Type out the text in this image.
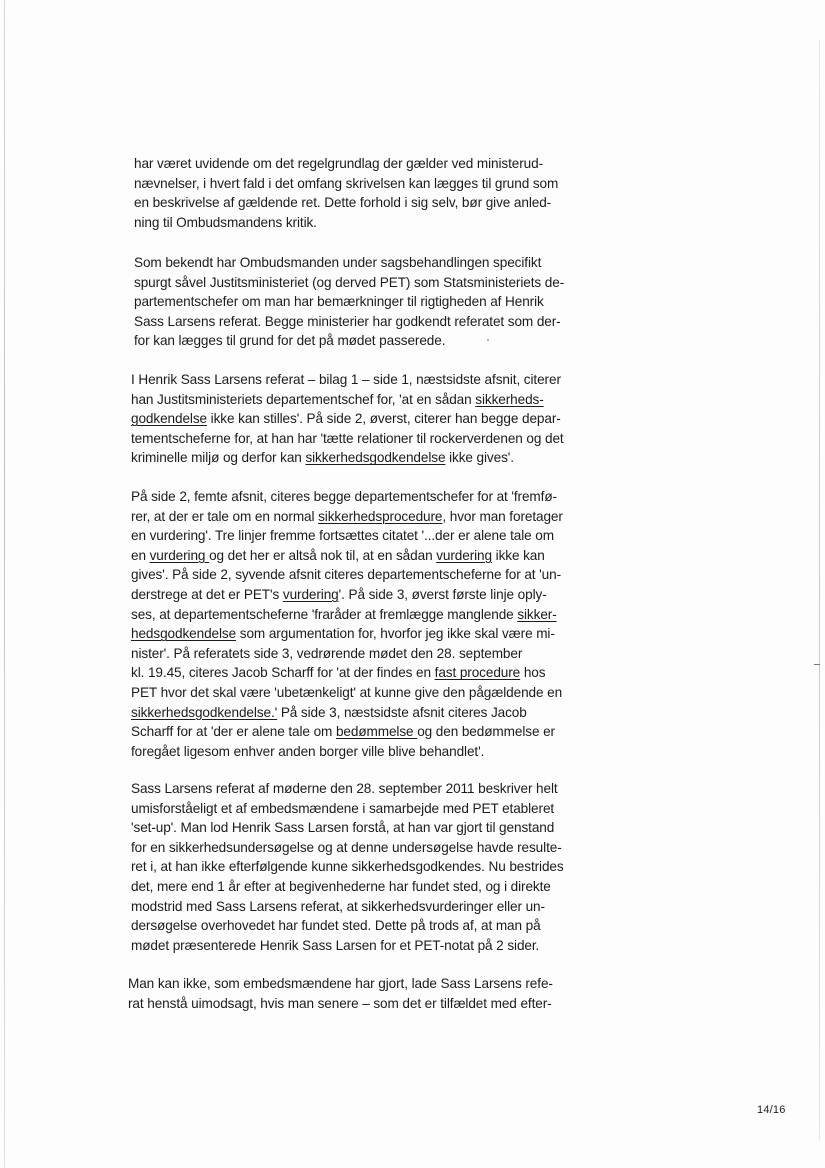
har været uvidende om det regelgrundlag der gælder ved ministerud-
nævnelser, i hvert fald i det omfang skrivelsen kan lægges til grund som
en beskrivelse af gældende ret. Dette forhold i sig selv, bør give anled-
ning til Ombudsmandens kritik.

Som bekendt har Ombudsmanden under sagsbehandlingen specifikt
spurgt såvel Justitsministeriet (og derved PET) som Statsministeriets de-
partementschefer om man har bemærkninger til rigtigheden af Henrik
Sass Larsens referat. Begge ministerier har godkendt referatet som der-
for kan lægges til grund for det på mødet passerede.

I Henrik Sass Larsens referat – bilag 1 – side 1, næstsidste afsnit, citerer
han Justitsministeriets departementschef for, 'at en sådan sikkerheds-
godkendelse ikke kan stilles'. På side 2, øverst, citerer han begge depar-
tementscheferne for, at han har 'tætte relationer til rockerverdenen og det
kriminelle miljø og derfor kan sikkerhedsgodkendelse ikke gives'.

På side 2, femte afsnit, citeres begge departementschefer for at 'fremfø-
rer, at der er tale om en normal sikkerhedsprocedure, hvor man foretager
en vurdering'. Tre linjer fremme fortsættes citatet '...der er alene tale om
en vurdering og det her er altså nok til, at en sådan vurdering ikke kan
gives'. På side 2, syvende afsnit citeres departementscheferne for at 'un-
derstrege at det er PET's vurdering'. På side 3, øverst første linje oply-
ses, at departementscheferne 'fraråder at fremlægge manglende sikker-
hedsgodkendelse som argumentation for, hvorfor jeg ikke skal være mi-
nister'. På referatets side 3, vedrørende mødet den 28. september
kl. 19.45, citeres Jacob Scharff for 'at der findes en fast procedure hos
PET hvor det skal være 'ubetænkeligt' at kunne give den pågældende en
sikkerhedsgodkendelse.' På side 3, næstsidste afsnit citeres Jacob
Scharff for at 'der er alene tale om bedømmelse og den bedømmelse er
foregået ligesom enhver anden borger ville blive behandlet'.

Sass Larsens referat af møderne den 28. september 2011 beskriver helt
umisforståeligt et af embedsmændene i samarbejde med PET etableret
'set-up'. Man lod Henrik Sass Larsen forstå, at han var gjort til genstand
for en sikkerhedsundersøgelse og at denne undersøgelse havde resulte-
ret i, at han ikke efterfølgende kunne sikkerhedsgodkendes. Nu bestrides
det, mere end 1 år efter at begivenhederne har fundet sted, og i direkte
modstrid med Sass Larsens referat, at sikkerhedsvurderinger eller un-
dersøgelse overhovedet har fundet sted. Dette på trods af, at man på
mødet præsenterede Henrik Sass Larsen for et PET-notat på 2 sider.

Man kan ikke, som embedsmændene har gjort, lade Sass Larsens refe-
rat henstå uimodsagt, hvis man senere – som det er tilfældet med efter-

14/16
